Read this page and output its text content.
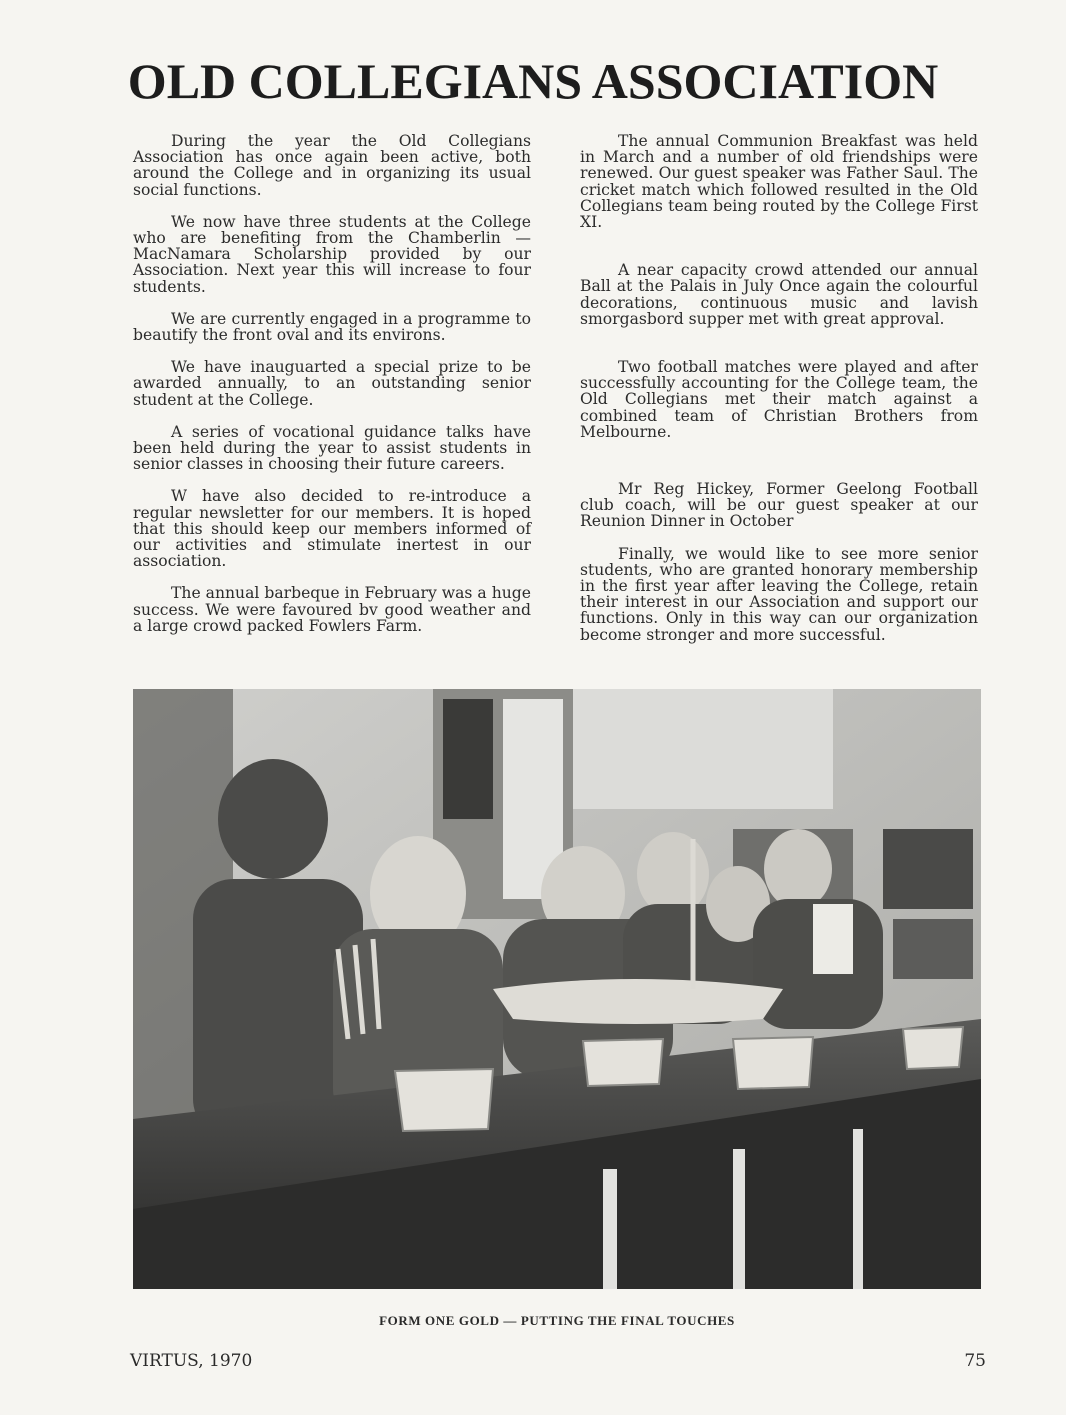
OLD COLLEGIANS ASSOCIATION

During the year the Old Collegians Association has once again been active, both around the College and in organizing its usual social functions.

We now have three students at the College who are benefiting from the Chamberlin — MacNamara Scholarship provided by our Association. Next year this will increase to four students.

We are currently engaged in a programme to beautify the front oval and its environs.

We have inauguarted a special prize to be awarded annually, to an outstanding senior student at the College.

A series of vocational guidance talks have been held during the year to assist students in senior classes in choosing their future careers.

W have also decided to re-introduce a regular newsletter for our members. It is hoped that this should keep our members informed of our activities and stimulate inertest in our association.

The annual barbeque in February was a huge success. We were favoured bv good weather and a large crowd packed Fowlers Farm.

The annual Communion Breakfast was held in March and a number of old friendships were renewed. Our guest speaker was Father Saul. The cricket match which followed resulted in the Old Collegians team being routed by the College First XI.

A near capacity crowd attended our annual Ball at the Palais in July Once again the colourful decorations, continuous music and lavish smorgasbord supper met with great approval.

Two football matches were played and after successfully accounting for the College team, the Old Collegians met their match against a combined team of Christian Brothers from Melbourne.

Mr Reg Hickey, Former Geelong Football club coach, will be our guest speaker at our Reunion Dinner in October

Finally, we would like to see more senior students, who are granted honorary membership in the first year after leaving the College, retain their interest in our Association and support our functions. Only in this way can our organization become stronger and more successful.

FORM ONE GOLD — PUTTING THE FINAL TOUCHES
VIRTUS, 1970	75
